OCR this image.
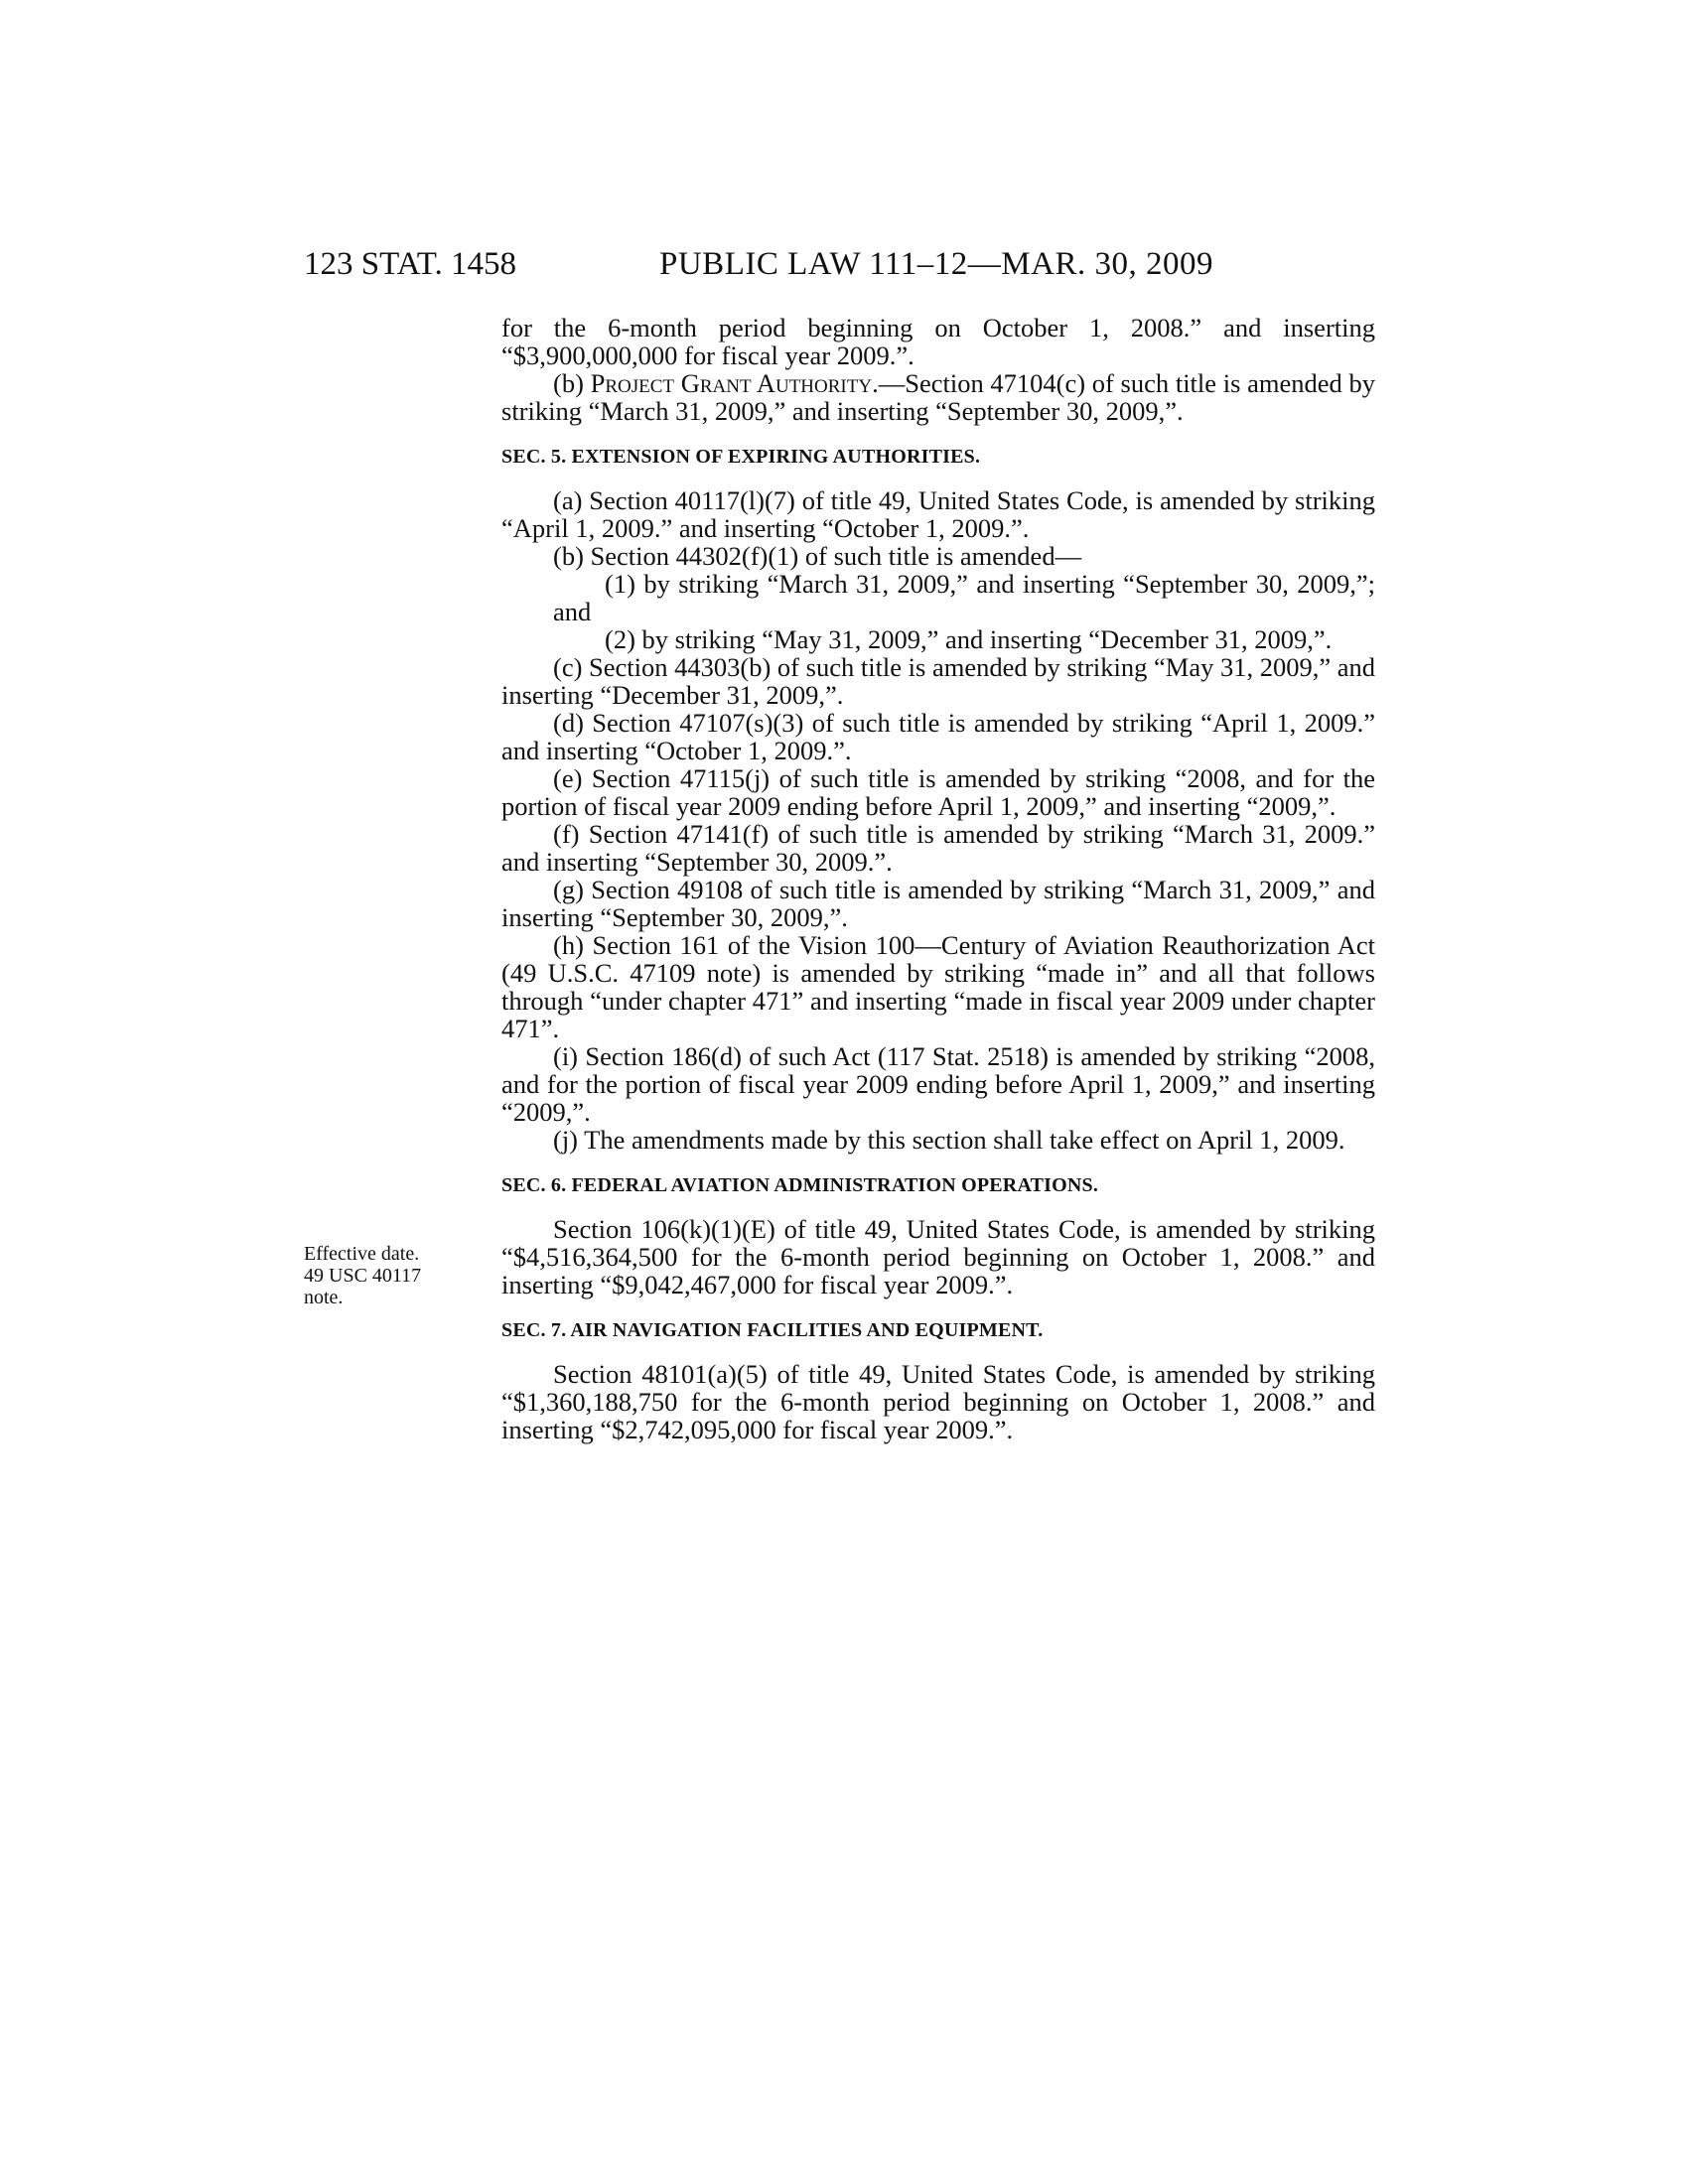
123 STAT. 1458	PUBLIC LAW 111–12—MAR. 30, 2009
Effective date.
49 USC 40117
note.

for the 6-month period beginning on October 1, 2008.” and inserting “$3,900,000,000 for fiscal year 2009.”.

(b) Project Grant Authority.—Section 47104(c) of such title is amended by striking “March 31, 2009,” and inserting “September 30, 2009,”.

SEC. 5. EXTENSION OF EXPIRING AUTHORITIES.

(a) Section 40117(l)(7) of title 49, United States Code, is amended by striking “April 1, 2009.” and inserting “October 1, 2009.”.

(b) Section 44302(f)(1) of such title is amended—

(1) by striking “March 31, 2009,” and inserting “September 30, 2009,”; and

(2) by striking “May 31, 2009,” and inserting “December 31, 2009,”.

(c) Section 44303(b) of such title is amended by striking “May 31, 2009,” and inserting “December 31, 2009,”.

(d) Section 47107(s)(3) of such title is amended by striking “April 1, 2009.” and inserting “October 1, 2009.”.

(e) Section 47115(j) of such title is amended by striking “2008, and for the portion of fiscal year 2009 ending before April 1, 2009,” and inserting “2009,”.

(f) Section 47141(f) of such title is amended by striking “March 31, 2009.” and inserting “September 30, 2009.”.

(g) Section 49108 of such title is amended by striking “March 31, 2009,” and inserting “September 30, 2009,”.

(h) Section 161 of the Vision 100—Century of Aviation Reauthorization Act (49 U.S.C. 47109 note) is amended by striking “made in” and all that follows through “under chapter 471” and inserting “made in fiscal year 2009 under chapter 471”.

(i) Section 186(d) of such Act (117 Stat. 2518) is amended by striking “2008, and for the portion of fiscal year 2009 ending before April 1, 2009,” and inserting “2009,”.

(j) The amendments made by this section shall take effect on April 1, 2009.

SEC. 6. FEDERAL AVIATION ADMINISTRATION OPERATIONS.

Section 106(k)(1)(E) of title 49, United States Code, is amended by striking “$4,516,364,500 for the 6-month period beginning on October 1, 2008.” and inserting “$9,042,467,000 for fiscal year 2009.”.

SEC. 7. AIR NAVIGATION FACILITIES AND EQUIPMENT.

Section 48101(a)(5) of title 49, United States Code, is amended by striking “$1,360,188,750 for the 6-month period beginning on October 1, 2008.” and inserting “$2,742,095,000 for fiscal year 2009.”.
